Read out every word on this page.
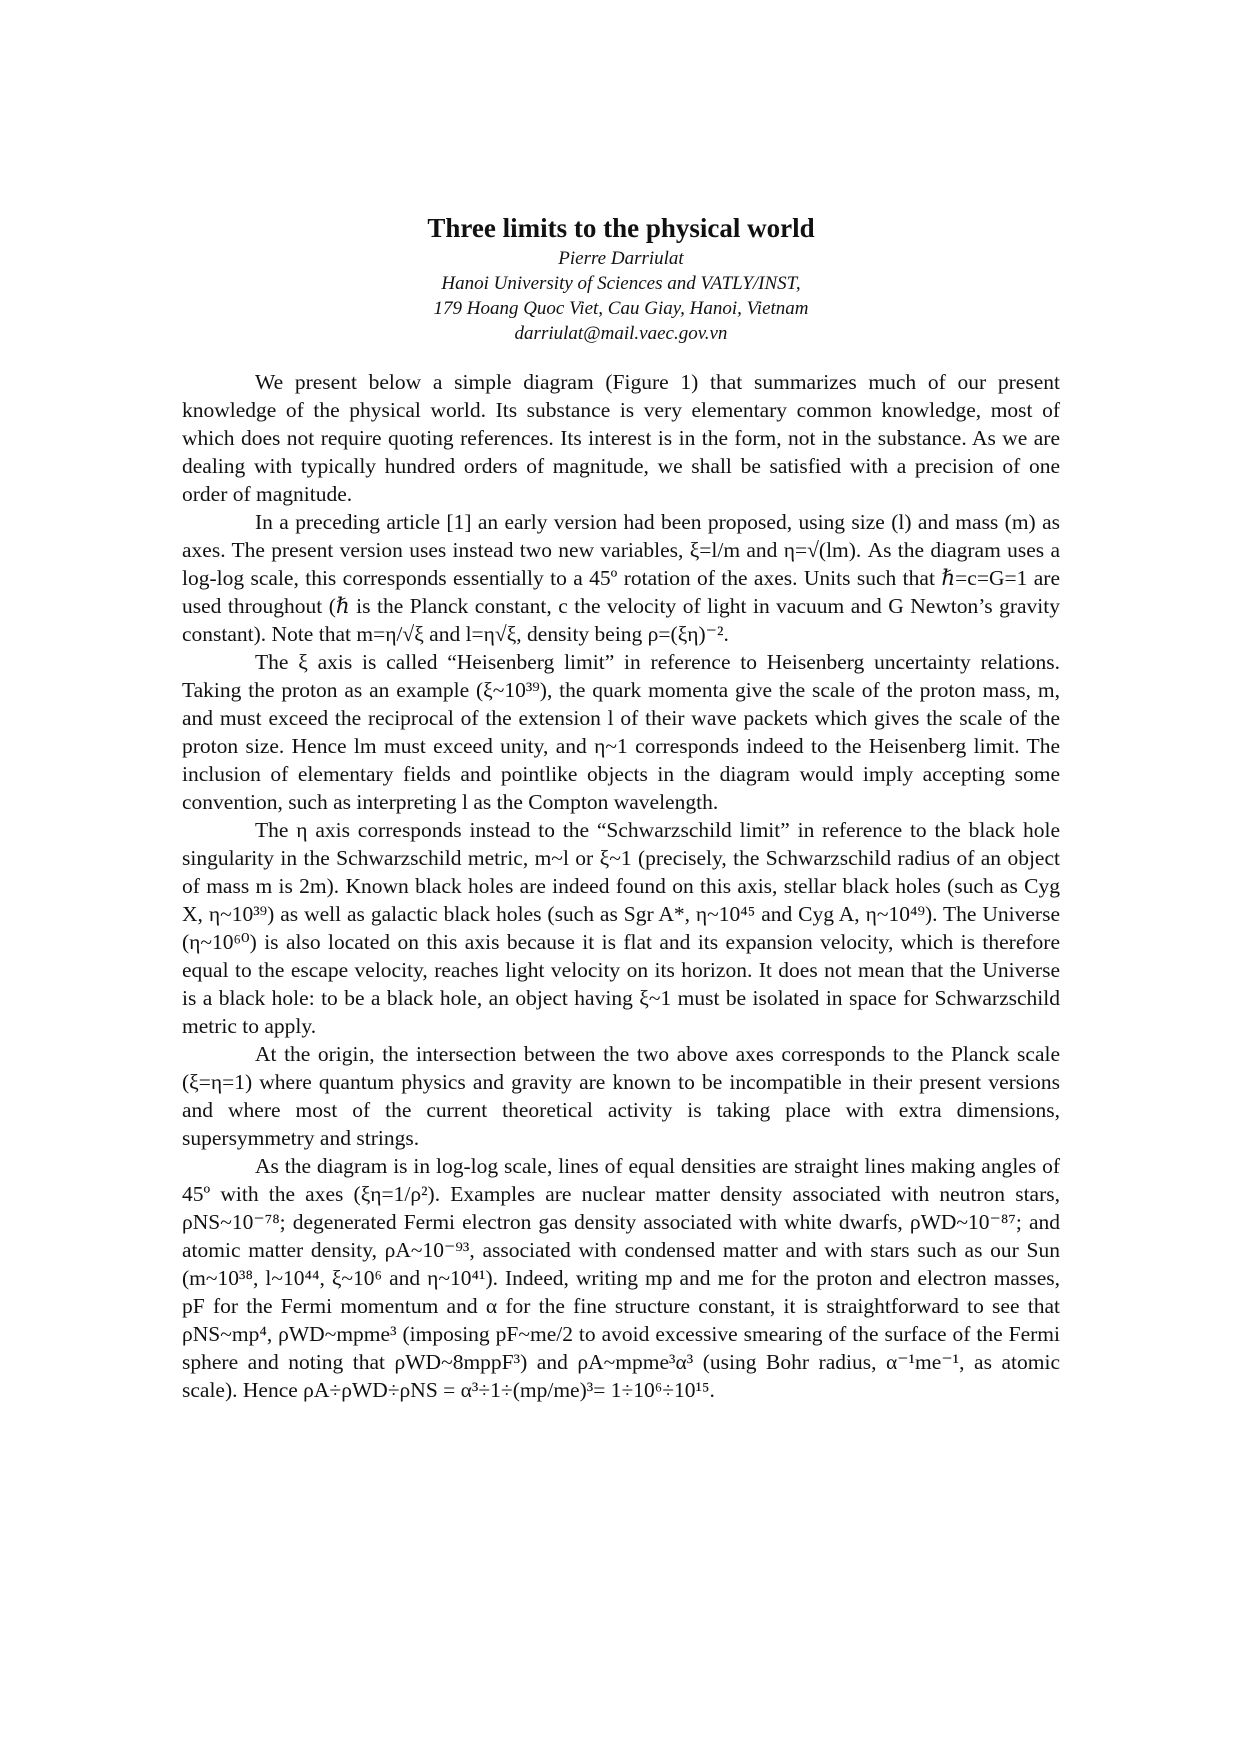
Three limits to the physical world
Pierre Darriulat
Hanoi University of Sciences and VATLY/INST,
179 Hoang Quoc Viet, Cau Giay, Hanoi, Vietnam
darriulat@mail.vaec.gov.vn

We present below a simple diagram (Figure 1) that summarizes much of our present knowledge of the physical world. Its substance is very elementary common knowledge, most of which does not require quoting references. Its interest is in the form, not in the substance. As we are dealing with typically hundred orders of magnitude, we shall be satisfied with a precision of one order of magnitude.

In a preceding article [1] an early version had been proposed, using size (l) and mass (m) as axes. The present version uses instead two new variables, ξ=l/m and η=√(lm). As the diagram uses a log-log scale, this corresponds essentially to a 45º rotation of the axes. Units such that ℏ=c=G=1 are used throughout (ℏ is the Planck constant, c the velocity of light in vacuum and G Newton’s gravity constant). Note that m=η/√ξ and l=η√ξ, density being ρ=(ξη)⁻².

The ξ axis is called “Heisenberg limit” in reference to Heisenberg uncertainty relations. Taking the proton as an example (ξ~10³⁹), the quark momenta give the scale of the proton mass, m, and must exceed the reciprocal of the extension l of their wave packets which gives the scale of the proton size. Hence lm must exceed unity, and η~1 corresponds indeed to the Heisenberg limit. The inclusion of elementary fields and pointlike objects in the diagram would imply accepting some convention, such as interpreting l as the Compton wavelength.

The η axis corresponds instead to the “Schwarzschild limit” in reference to the black hole singularity in the Schwarzschild metric, m~l or ξ~1 (precisely, the Schwarzschild radius of an object of mass m is 2m). Known black holes are indeed found on this axis, stellar black holes (such as Cyg X, η~10³⁹) as well as galactic black holes (such as Sgr A*, η~10⁴⁵ and Cyg A, η~10⁴⁹). The Universe (η~10⁶⁰) is also located on this axis because it is flat and its expansion velocity, which is therefore equal to the escape velocity, reaches light velocity on its horizon. It does not mean that the Universe is a black hole: to be a black hole, an object having ξ~1 must be isolated in space for Schwarzschild metric to apply.

At the origin, the intersection between the two above axes corresponds to the Planck scale (ξ=η=1) where quantum physics and gravity are known to be incompatible in their present versions and where most of the current theoretical activity is taking place with extra dimensions, supersymmetry and strings.

As the diagram is in log-log scale, lines of equal densities are straight lines making angles of 45º with the axes (ξη=1/ρ²). Examples are nuclear matter density associated with neutron stars, ρNS~10⁻⁷⁸; degenerated Fermi electron gas density associated with white dwarfs, ρWD~10⁻⁸⁷; and atomic matter density, ρA~10⁻⁹³, associated with condensed matter and with stars such as our Sun (m~10³⁸, l~10⁴⁴, ξ~10⁶ and η~10⁴¹). Indeed, writing mp and me for the proton and electron masses, pF for the Fermi momentum and α for the fine structure constant, it is straightforward to see that ρNS~mp⁴, ρWD~mpme³ (imposing pF~me/2 to avoid excessive smearing of the surface of the Fermi sphere and noting that ρWD~8mppF³) and ρA~mpme³α³ (using Bohr radius, α⁻¹me⁻¹, as atomic scale). Hence ρA÷ρWD÷ρNS = α³÷1÷(mp/me)³= 1÷10⁶÷10¹⁵.
